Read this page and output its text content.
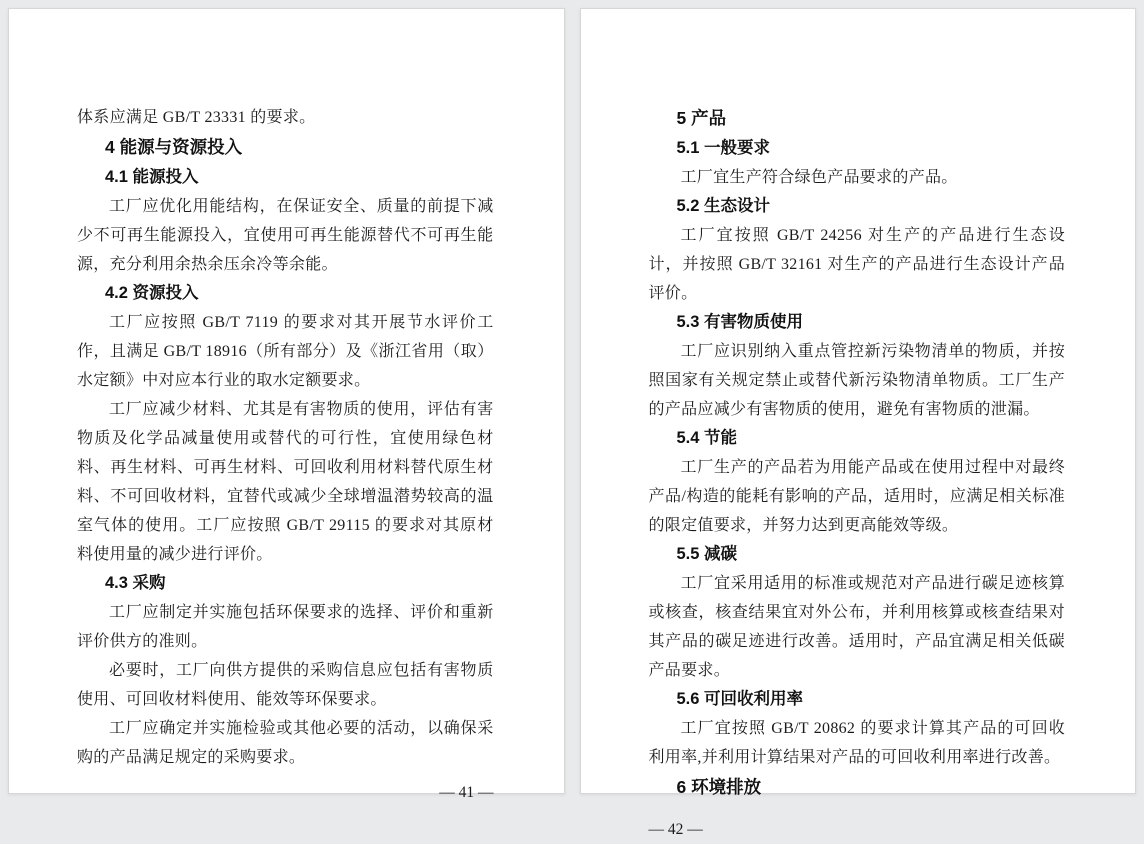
体系应满足 GB/T 23331 的要求。

4 能源与资源投入
4.1 能源投入

工厂应优化用能结构，在保证安全、质量的前提下减少不可再生能源投入，宜使用可再生能源替代不可再生能源，充分利用余热余压余冷等余能。

4.2 资源投入

工厂应按照 GB/T 7119 的要求对其开展节水评价工作，且满足 GB/T 18916（所有部分）及《浙江省用（取）水定额》中对应本行业的取水定额要求。

工厂应减少材料、尤其是有害物质的使用，评估有害物质及化学品减量使用或替代的可行性，宜使用绿色材料、再生材料、可再生材料、可回收利用材料替代原生材料、不可回收材料，宜替代或减少全球增温潜势较高的温室气体的使用。工厂应按照 GB/T 29115 的要求对其原材料使用量的减少进行评价。

4.3 采购

工厂应制定并实施包括环保要求的选择、评价和重新评价供方的准则。

必要时，工厂向供方提供的采购信息应包括有害物质使用、可回收材料使用、能效等环保要求。

工厂应确定并实施检验或其他必要的活动，以确保采购的产品满足规定的采购要求。

— 41 —
5 产品
5.1 一般要求

工厂宜生产符合绿色产品要求的产品。

5.2 生态设计

工厂宜按照 GB/T 24256 对生产的产品进行生态设计，并按照 GB/T 32161 对生产的产品进行生态设计产品评价。

5.3 有害物质使用

工厂应识别纳入重点管控新污染物清单的物质，并按照国家有关规定禁止或替代新污染物清单物质。工厂生产的产品应减少有害物质的使用，避免有害物质的泄漏。

5.4 节能

工厂生产的产品若为用能产品或在使用过程中对最终产品/构造的能耗有影响的产品，适用时，应满足相关标准的限定值要求，并努力达到更高能效等级。

5.5 减碳

工厂宜采用适用的标准或规范对产品进行碳足迹核算或核查，核查结果宜对外公布，并利用核算或核查结果对其产品的碳足迹进行改善。适用时，产品宜满足相关低碳产品要求。

5.6 可回收利用率

工厂宜按照 GB/T 20862 的要求计算其产品的可回收利用率,并利用计算结果对产品的可回收利用率进行改善。

6 环境排放
— 42 —
